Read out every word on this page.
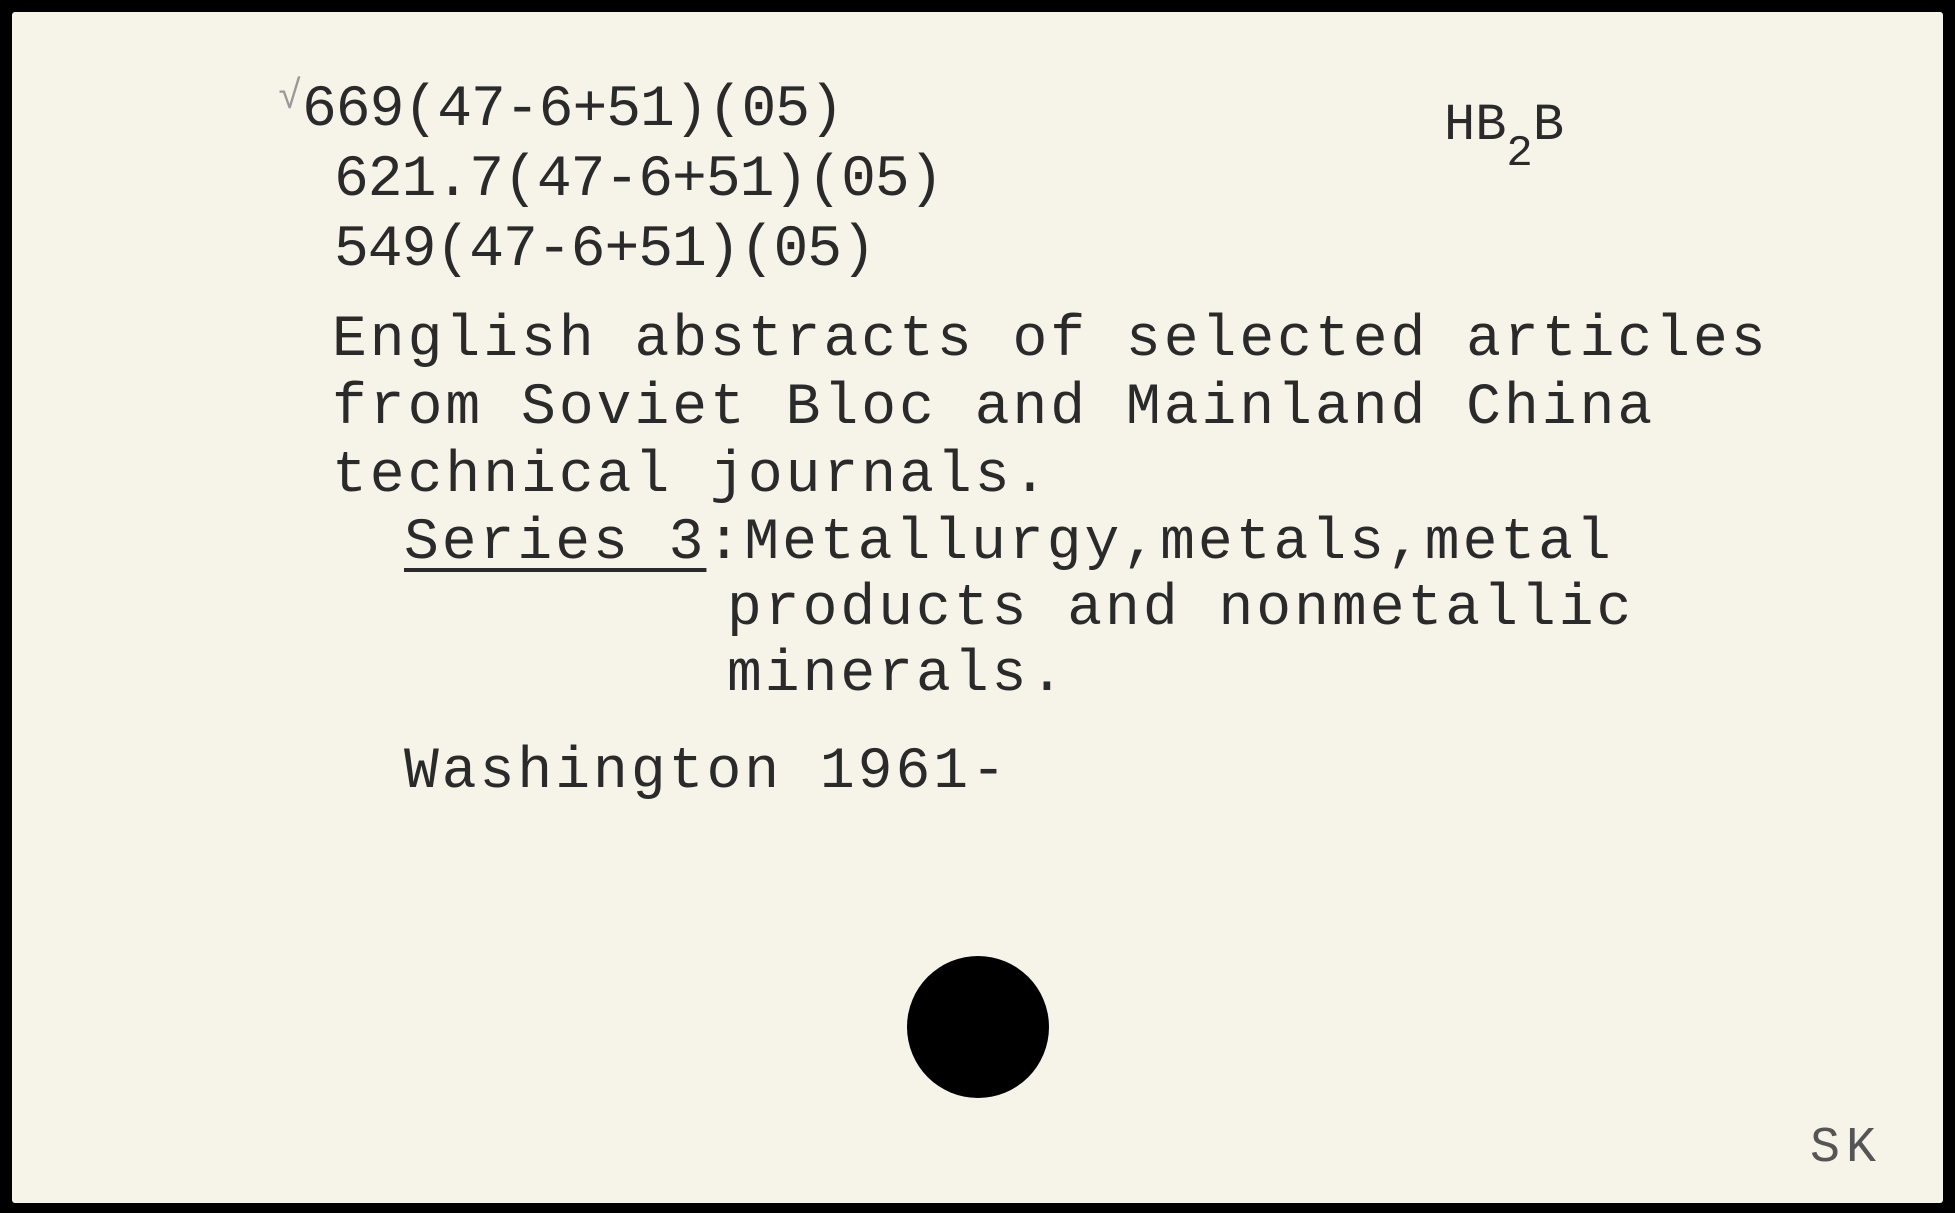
√ 669(47-6+51)(05)
621.7(47-6+51)(05)
549(47-6+51)(05)
$HB_2B$
English abstracts of selected articles
from Soviet Bloc and Mainland China
technical journals.
Series 3:Metallurgy,metals,metal
products and nonmetallic
minerals.
Washington 1961-
SK
